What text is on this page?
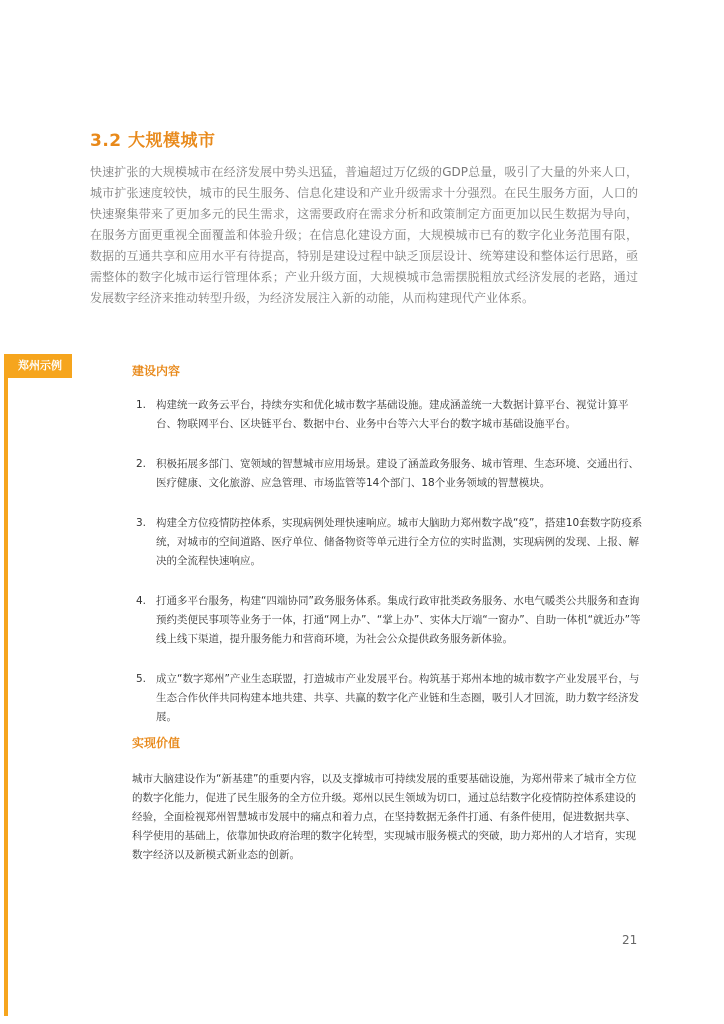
3.2 大规模城市

快速扩张的大规模城市在经济发展中势头迅猛，普遍超过万亿级的GDP总量，吸引了大量的外来人口，城市扩张速度较快，城市的民生服务、信息化建设和产业升级需求十分强烈。在民生服务方面，人口的快速聚集带来了更加多元的民生需求，这需要政府在需求分析和政策制定方面更加以民生数据为导向，在服务方面更重视全面覆盖和体验升级；在信息化建设方面，大规模城市已有的数字化业务范围有限，数据的互通共享和应用水平有待提高，特别是建设过程中缺乏顶层设计、统筹建设和整体运行思路，亟需整体的数字化城市运行管理体系；产业升级方面，大规模城市急需摆脱粗放式经济发展的老路，通过发展数字经济来推动转型升级，为经济发展注入新的动能，从而构建现代产业体系。

郑州示例	建设内容
1. 构建统一政务云平台，持续夯实和优化城市数字基础设施。建成涵盖统一大数据计算平台、视觉计算平台、物联网平台、区块链平台、数据中台、业务中台等六大平台的数字城市基础设施平台。
2. 积极拓展多部门、宽领域的智慧城市应用场景。建设了涵盖政务服务、城市管理、生态环境、交通出行、医疗健康、文化旅游、应急管理、市场监管等14个部门、18个业务领域的智慧模块。
3. 构建全方位疫情防控体系，实现病例处理快速响应。城市大脑助力郑州数字战“疫”，搭建10套数字防疫系统，对城市的空间道路、医疗单位、储备物资等单元进行全方位的实时监测，实现病例的发现、上报、解决的全流程快速响应。
4. 打通多平台服务，构建“四端协同”政务服务体系。集成行政审批类政务服务、水电气暖类公共服务和查询预约类便民事项等业务于一体，打通“网上办”、“掌上办”、实体大厅端“一窗办”、自助一体机“就近办”等线上线下渠道，提升服务能力和营商环境，为社会公众提供政务服务新体验。
5. 成立“数字郑州”产业生态联盟，打造城市产业发展平台。构筑基于郑州本地的城市数字产业发展平台，与生态合作伙伴共同构建本地共建、共享、共赢的数字化产业链和生态圈，吸引人才回流，助力数字经济发展。
实现价值

城市大脑建设作为“新基建”的重要内容，以及支撑城市可持续发展的重要基础设施，为郑州带来了城市全方位的数字化能力，促进了民生服务的全方位升级。郑州以民生领域为切口，通过总结数字化疫情防控体系建设的经验，全面检视郑州智慧城市发展中的痛点和着力点，在坚持数据无条件打通、有条件使用，促进数据共享、科学使用的基础上，依靠加快政府治理的数字化转型，实现城市服务模式的突破，助力郑州的人才培育，实现数字经济以及新模式新业态的创新。

21
